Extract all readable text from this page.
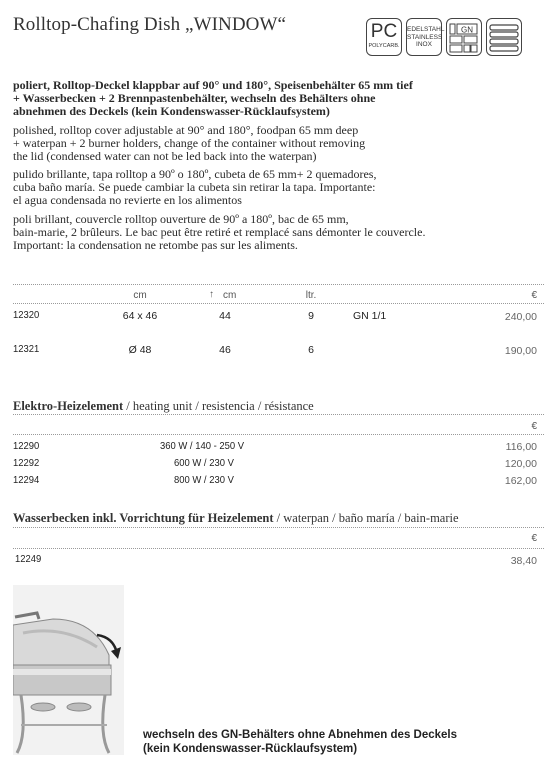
Rolltop-Chafing Dish „WINDOW“	PC
POLYCARB.
EDELSTAHL
STAINLESS
INOX
GN
poliert, Rolltop-Deckel klappbar auf 90° und 180°, Speisenbehälter 65 mm tief
+ Wasserbecken + 2 Brennpastenbehälter, wechseln des Behälters ohne
abnehmen des Deckels (kein Kondenswasser-Rücklaufsystem)
polished, rolltop cover adjustable at 90° and 180°, foodpan 65 mm deep
+ waterpan + 2 burner holders, change of the container without removing
the lid (condensed water can not be led back into the waterpan)
pulido brillante, tapa rolltop a 90º o 180º, cubeta de 65 mm+ 2 quemadores,
cuba baño maría. Se puede cambiar la cubeta sin retirar la tapa. Importante:
el agua condensada no revierte en los alimentos
poli brillant, couvercle rolltop ouverture de 90º a 180º, bac de 65 mm,
bain-marie, 2 brûleurs. Le bac peut être retiré et remplacé sans démonter le couvercle.
Important: la condensation ne retombe pas sur les aliments.
cm	↑ cm	ltr.	€
12320	64 x 46	44	9	GN 1/1	240,00
12321	Ø 48	46	6	190,00
Elektro-Heizelement / heating unit / resistencia / résistance
€
12290	360 W / 140 - 250 V	116,00
12292	600 W / 230 V	120,00
12294	800 W / 230 V	162,00
Wasserbecken inkl. Vorrichtung für Heizelement / waterpan / baño maría / bain-marie
€
12249	38,40
wechseln des GN-Behälters ohne Abnehmen des Deckels
(kein Kondenswasser-Rücklaufsystem)
